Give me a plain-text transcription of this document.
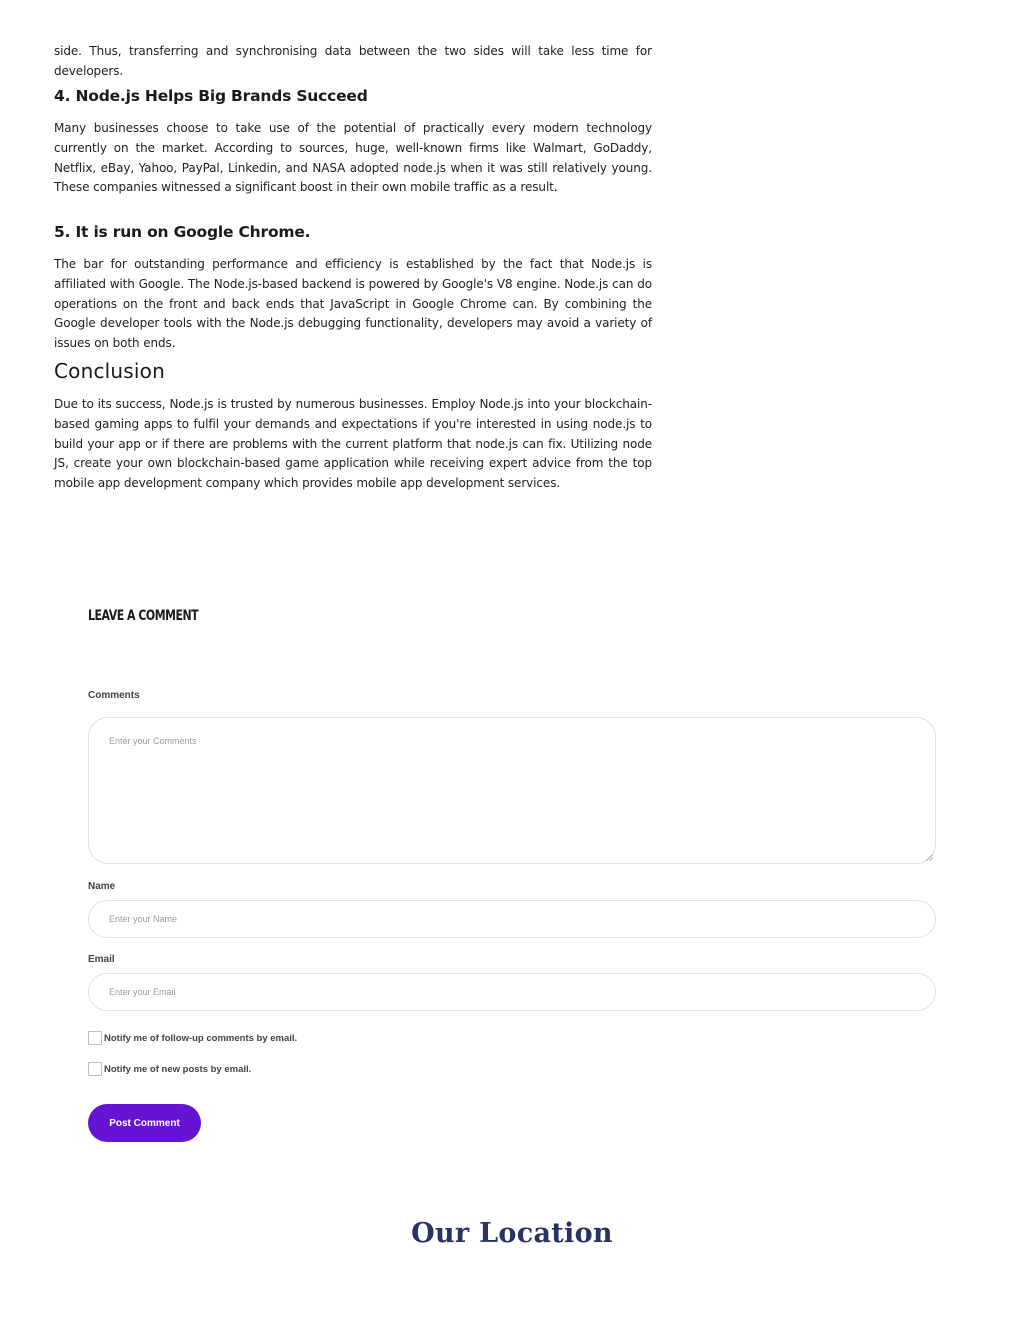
side. Thus, transferring and synchronising data between the two sides will take less time for developers.

4. Node.js Helps Big Brands Succeed

Many businesses choose to take use of the potential of practically every modern technology currently on the market. According to sources, huge, well-known firms like Walmart, GoDaddy, Netflix, eBay, Yahoo, PayPal, Linkedin, and NASA adopted node.js when it was still relatively young. These companies witnessed a significant boost in their own mobile traffic as a result.

5. It is run on Google Chrome.

The bar for outstanding performance and efficiency is established by the fact that Node.js is affiliated with Google. The Node.js-based backend is powered by Google's V8 engine. Node.js can do operations on the front and back ends that JavaScript in Google Chrome can. By combining the Google developer tools with the Node.js debugging functionality, developers may avoid a variety of issues on both ends.

Conclusion

Due to its success, Node.js is trusted by numerous businesses. Employ Node.js into your blockchain-based gaming apps to fulfil your demands and expectations if you're interested in using node.js to build your app or if there are problems with the current platform that node.js can fix. Utilizing node JS, create your own blockchain-based game application while receiving expert advice from the top mobile app development company which provides mobile app development services.

LEAVE A COMMENT
Comments
Enter your Comments
Name
Enter your Name
Email
Enter your Email
Notify me of follow-up comments by email.
Notify me of new posts by email.
Post Comment
Our Location
